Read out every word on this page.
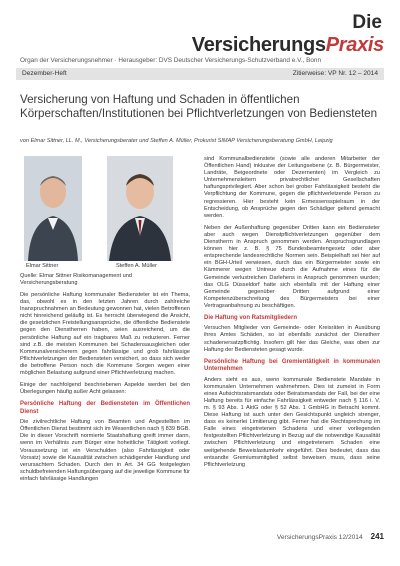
Die
VersicherungsPraxis
Organ der Versicherungsnehmer · Herausgeber: DVS Deutscher Versicherungs-Schutzverband e.V., Bonn
Dezember-Heft	Zitierweise: VP Nr. 12 – 2014
Versicherung von Haftung und Schaden in öffentlichen Körperschaften/Institutionen bei Pflichtverletzungen von Bediensteten
von Elmar Sittner, LL. M., Versicherungsberater und Steffen A. Müller, Prokurist SIMAP Versicherungsberatung GmbH, Leipzig
Elmar Sittner	Steffen A. Müller
Quelle: Elmar Sittner Risikomanagement und Versicherungsberatung

Die persönliche Haftung kommunaler Bediensteter ist ein Thema, das, obwohl es in den letzten Jahren durch zahlreiche Inanspruchnahmen an Bedeutung gewonnen hat, vielen Betroffenen nicht hinreichend geläufig ist. Es herrscht überwiegend die Ansicht, die gesetzlichen Freistellungsansprüche, die öffentliche Bedienstete gegen den Dienstherren haben, seien ausreichend, um die persönliche Haftung auf ein tragbares Maß zu reduzieren. Ferner sind z.B. die meisten Kommunen bei Schadensausgleichen oder Kommunalversicherern gegen fahrlässige und grob fahrlässige Pflichtverletzungen der Bediensteten versichert, so dass sich weder die betroffene Person noch die Kommune Sorgen wegen einer möglichen Belastung aufgrund einer Pflichtverletzung machen.

Einige der nachfolgend beschriebenen Aspekte werden bei den Überlegungen häufig außer Acht gelassen:

Persönliche Haftung der Bediensteten im Öffentlichen Dienst

Die zivilrechtliche Haftung von Beamten und Angestellten im Öffentlichen Dienst bestimmt sich im Wesentlichen nach § 839 BGB. Die in dieser Vorschrift normierte Staatshaftung greift immer dann, wenn im Verhältnis zum Bürger eine hoheitliche Tätigkeit vorliegt. Voraussetzung ist ein Verschulden (also Fahrlässigkeit oder Vorsatz) sowie die Kausalität zwischen schädigender Handlung und verursachtem Schaden. Durch den in Art. 34 GG festgelegten schuldbefreienden Haftungsübergang auf die jeweilige Kommune für einfach fahrlässige Handlungen

sind Kommunalbedienstete (sowie alle anderen Mitarbeiter der Öffentlichen Hand) inklusive der Leitungsebene (z. B. Bürgermeister, Landräte, Beigeordnete oder Dezernenten) im Vergleich zu Unternehmensleitern privatrechtlicher Gesellschaften haftungsprivilegiert. Aber schon bei grober Fahrlässigkeit besteht die Verpflichtung der Kommune, gegen die pflichtverletzende Person zu regressieren. Hier besteht kein Ermessensspielraum in der Entscheidung, ob Ansprüche gegen den Schädiger geltend gemacht werden.

Neben der Außenhaftung gegenüber Dritten kann ein Bediensteter aber auch wegen Dienstpflichtverletzungen gegenüber dem Dienstherrn in Anspruch genommen werden. Anspruchsgrundlagen können hier z. B. § 75 Bundesbeamtengesetz oder aber entsprechende landesrechtliche Normen sein. Beispielhaft sei hier auf ein BGH-Urteil verwiesen, durch das ein Bürgermeister sowie ein Kämmerer wegen Untreue durch die Aufnahme eines für die Gemeinde verlustreichen Darlehens in Anspruch genommen wurden; das OLG Düsseldorf hatte sich ebenfalls mit der Haftung einer Gemeinde gegenüber Dritten aufgrund einer Kompetenzüberschreitung des Bürgermeisters bei einer Vertragsanbahnung zu beschäftigen.

Die Haftung von Ratsmitgliedern

Versuchen Mitglieder von Gemeinde- oder Kreisräten in Ausübung ihres Amtes Schäden, so ist ebenfalls zunächst der Dienstherr schadenersatzpflichtig. Insofern gilt hier das Gleiche, was oben zur Haftung der Bediensteten gesagt wurde.

Persönliche Haftung bei Gremientätigkeit in kommunalen Unternehmen

Anders sieht es aus, wenn kommunale Bedienstete Mandate in kommunalen Unternehmen wahrnehmen. Dies ist zumeist in Form eines Aufsichtsratsmandats oder Beiratsmandats der Fall, bei der eine Haftung bereits für einfache Fahrlässigkeit entweder nach § 116 i. V. m. § 93 Abs. 1 AktG oder § 52 Abs. 1 GmbHG in Betracht kommt. Diese Haftung ist auch unter den Gesichtspunkt ungleich strenger, dass es keinerlei Limitierung gibt. Ferner hat die Rechtsprechung im Falle eines eingetretenen Schadens und einer vorliegenden festgestellten Pflichtverletzung in Bezug auf die notwendige Kausalität zwischen Pflichtverletzung und eingetretenem Schaden eine weitgehende Beweislastumkehr eingeführt. Dies bedeutet, dass das entsandte Gremiumsmitglied selbst beweisen muss, dass seine Pflichtverletzung

VersicherungsPraxis 12/2014 241
